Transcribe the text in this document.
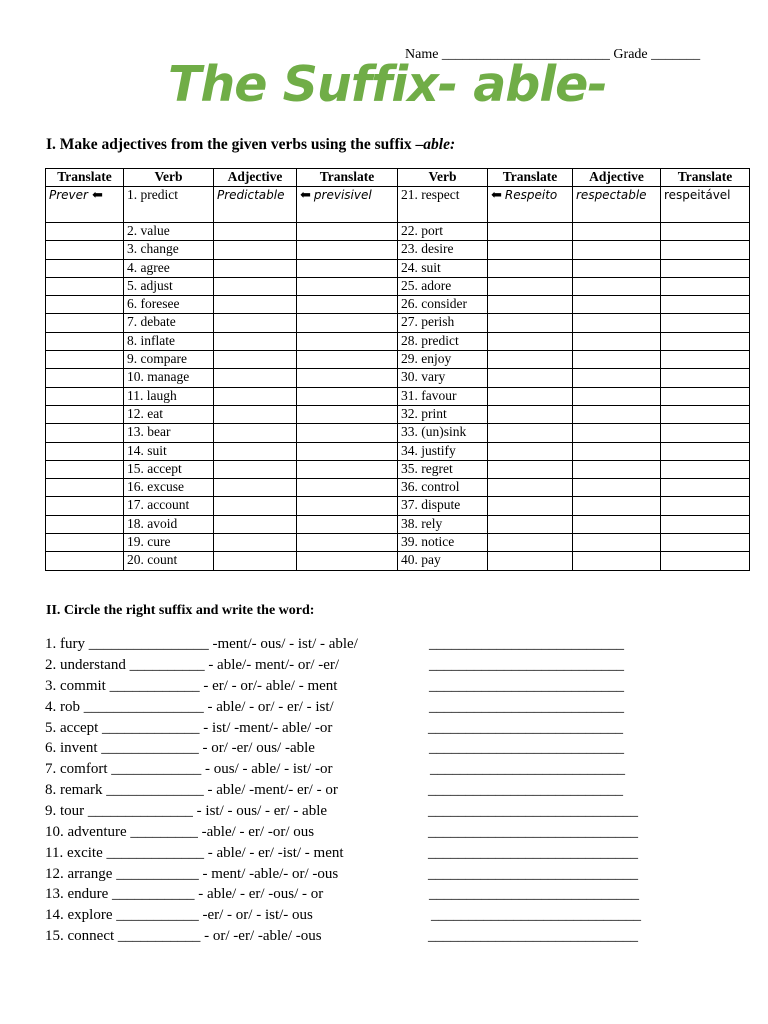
Name ________________________ Grade _______
The Suffix- able-
I. Make adjectives from the given verbs using the suffix –able:
Translate	Verb	Adjective	Translate	Verb	Translate	Adjective	Translate
Prever ⬅	1. predict	Predictable	⬅ previsivel	21. respect	⬅ Respeito	respectable	respeitável
	2. value			22. port			
	3. change			23. desire			
	4. agree			24. suit			
	5. adjust			25. adore			
	6. foresee			26. consider			
	7. debate			27. perish			
	8. inflate			28. predict			
	9. compare			29. enjoy			
	10. manage			30. vary			
	11. laugh			31. favour			
	12. eat			32. print			
	13. bear			33. (un)sink			
	14. suit			34. justify			
	15. accept			35. regret			
	16. excuse			36. control			
	17. account			37. dispute			
	18. avoid			38. rely			
	19. cure			39. notice			
	20. count			40. pay			
II. Circle the right suffix and write the word:
1. fury ________________ -ment/- ous/ - ist/ - able/	__________________________
2. understand __________ - able/- ment/- or/ -er/	__________________________
3. commit ____________ - er/ - or/- able/ - ment	__________________________
4. rob ________________ - able/ - or/ - er/ - ist/	__________________________
5. accept _____________ - ist/ -ment/- able/ -or	__________________________
6. invent _____________ - or/ -er/ ous/ -able	__________________________
7. comfort ____________ - ous/ - able/ - ist/ -or	__________________________
8. remark _____________ - able/ -ment/- er/ - or	__________________________
9. tour ______________ - ist/ - ous/ - er/ - able	____________________________
10. adventure _________ -able/ - er/ -or/ ous	____________________________
11. excite _____________ - able/ - er/ -ist/ - ment	____________________________
12. arrange ___________ - ment/ -able/- or/ -ous	____________________________
13. endure ___________ - able/ - er/ -ous/ - or	____________________________
14. explore ___________ -er/ - or/ - ist/- ous	____________________________
15. connect ___________ - or/ -er/ -able/ -ous	____________________________
